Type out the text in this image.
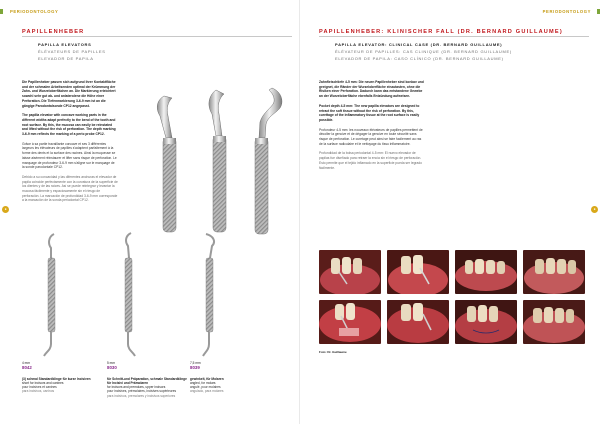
PERIODONTOLOGY
●
PAPILLENHEBER
PAPILLA ELEVATORS
ÉLÉVATEURS DE PAPILLES
ELEVADOR DE PAPILA

Die Papillenheber passen sich aufgrund ihrer Kontaktfläche und der schmalen Arbeitsenden optimal der Krümmung der Zahn- und Wurzeloberflächen an. Die Markierung erleichtert sowohl sehr gut ab- und anlaterolene die Höhe einer Perforation. Die Tiefenmarkierung 3-6-9 mm ist an die gängige Parodontalsonde CP12 angepasst.

The papilla elevator with concave working parts in the different widths adapt perfectly to the bend of the tooth and root surface. By this, the mucosa can easily be reinstated and lifted without the risk of perforation. The depth marking 3-6-9 mm reflects the marking of a perio probe CP12.

Grâce à sa partie travaillante concave et ses 3 différentes largeurs les élévateurs de papilles s'adaptent parfaitement à la forme des dents et la surface des racines. Ainsi la muqueuse se laisse aisément réinstaurer et lifter sans risque de perforation. Le marquage de profondeur 3-6-9 mm s'aligne sur le marquage de la sonde parodontale CP12.

Debido a su concavidad y las diferentes anchuras el elevador de papila coincide perfectamente con la curvatura de la superficie de los dientes y de las raíces. Así se puede reintegrar y levantar la mucosa fácilmente y espaciosamente sin el riesgo de perforación. La marcación de profundidad 3-6-9 mm corresponde a la marcación de la sonda periodontal CP12.

4 mm
8042
(3) schmal Standardklinge für kurze Incisiven
short for incisors and canines
pour incisives et canines
para incisivos, caninos
5 mm
8030
für Schnitt-und Präparation, schmale Standardklinge für Incisivi und Prämolaren
for incisors and premolars, upper incisors
pour incisives, prémolaires, incisives supérieures
para incisivos, premolares y incisivos superiores
7,5 mm
8039
gewinkelt, für Molaren
angled, for molars
angulé, pour molaires
angulado, para molares
PERIODONTOLOGY
●
PAPILLENHEBER: KLINISCHER FALL (DR. BERNARD GUILLAUME)
PAPILLA ELEVATOR: CLINICAL CASE (DR. BERNARD GUILLAUME)
ÉLÉVATEUR DE PAPILLES: CAS CLINIQUE (DR. BERNARD GUILLAUME)
ELEVADOR DE PAPILA: CASO CLÍNICO (DR. BERNARD GUILLAUME)

Zahnfleischtiefe 4-5 mm: Die neuen Papillenheber sind konkav und geeignet, die Ränder der Wurzeloberfläche einzutasten, ohne die Risiken einer Perforation. Dadurch kann das entstandene Gewebe an der Wurzeloberfläche ebenfalls Entzündung aufweisen.

Pocket depth 4-5 mm: The new papilla elevators are designed to retract the soft tissue without the risk of perforation. By this, curettage of the inflammatory tissue at the root surface is easily possible.

Profondeur 4-5 mm: les nouveaux élévateurs de papilles permettent de décoller la gencive et de dégager la gencive en toute sécurité sans risque de perforation. Le curetage peut ainsi se faire facilement au ras de la surface radiculaire et le nettoyage du tissu inflammatoire.

Profundidad de la bolsa periodontal 4-5 mm: El nuevo elevador de papilas fue diseñado para retraer la encía sin el riesgo de perforación. Esto permite que el tejido inflamado en la superficie pueda ser legrado fácilmente.

Foto: Dr. Guillaume
